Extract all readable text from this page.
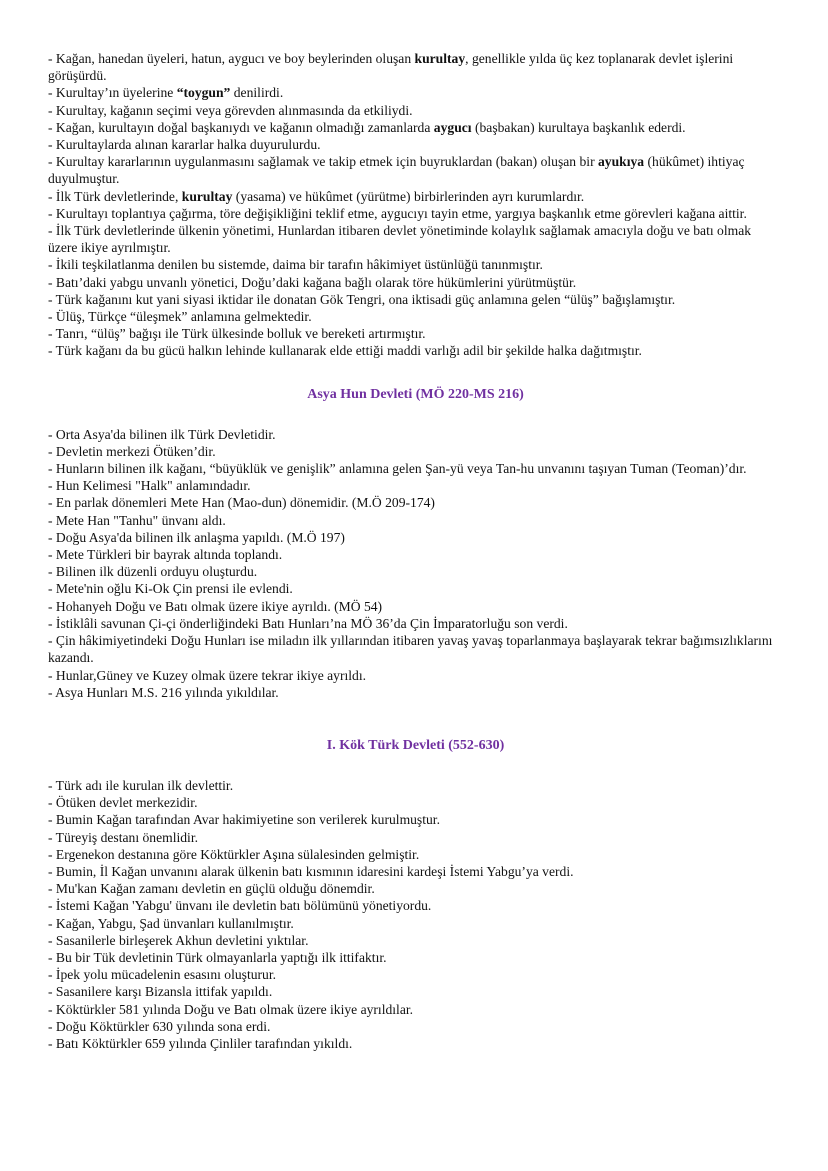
- Kağan, hanedan üyeleri, hatun, aygucı ve boy beylerinden oluşan kurultay, genellikle yılda üç kez toplanarak devlet işlerini görüşürdü.

- Kurultay’ın üyelerine “toygun” denilirdi.

- Kurultay, kağanın seçimi veya görevden alınmasında da etkiliydi.

- Kağan, kurultayın doğal başkanıydı ve kağanın olmadığı zamanlarda aygucı (başbakan) kurultaya başkanlık ederdi.

- Kurultaylarda alınan kararlar halka duyurulurdu.

- Kurultay kararlarının uygulanmasını sağlamak ve takip etmek için buyruklardan (bakan) oluşan bir ayukıya (hükûmet) ihtiyaç duyulmuştur.

- İlk Türk devletlerinde, kurultay (yasama) ve hükûmet (yürütme) birbirlerinden ayrı kurumlardır.

- Kurultayı toplantıya çağırma, töre değişikliğini teklif etme, aygucıyı tayin etme, yargıya başkanlık etme görevleri kağana aittir.

- İlk Türk devletlerinde ülkenin yönetimi, Hunlardan itibaren devlet yönetiminde kolaylık sağlamak amacıyla doğu ve batı olmak üzere ikiye ayrılmıştır.

- İkili teşkilatlanma denilen bu sistemde, daima bir tarafın hâkimiyet üstünlüğü tanınmıştır.

- Batı’daki yabgu unvanlı yönetici, Doğu’daki kağana bağlı olarak töre hükümlerini yürütmüştür.

- Türk kağanını kut yani siyasi iktidar ile donatan Gök Tengri, ona iktisadi güç anlamına gelen “ülüş” bağışlamıştır.

- Ülüş, Türkçe “üleşmek” anlamına gelmektedir.

- Tanrı, “ülüş” bağışı ile Türk ülkesinde bolluk ve bereketi artırmıştır.

- Türk kağanı da bu gücü halkın lehinde kullanarak elde ettiği maddi varlığı adil bir şekilde halka dağıtmıştır.

Asya Hun Devleti (MÖ 220-MS 216)

- Orta Asya'da bilinen ilk Türk Devletidir.

- Devletin merkezi Ötüken’dir.

- Hunların bilinen ilk kağanı, “büyüklük ve genişlik” anlamına gelen Şan-yü veya Tan-hu unvanını taşıyan Tuman (Teoman)’dır.

- Hun Kelimesi "Halk" anlamındadır.

- En parlak dönemleri Mete Han (Mao-dun) dönemidir. (M.Ö 209-174)

- Mete Han "Tanhu" ünvanı aldı.

- Doğu Asya'da bilinen ilk anlaşma yapıldı. (M.Ö 197)

- Mete Türkleri bir bayrak altında toplandı.

- Bilinen ilk düzenli orduyu oluşturdu.

- Mete'nin oğlu Ki-Ok Çin prensi ile evlendi.

- Hohanyeh Doğu ve Batı olmak üzere ikiye ayrıldı. (MÖ 54)

- İstiklâli savunan Çi-çi önderliğindeki Batı Hunları’na MÖ 36’da Çin İmparatorluğu son verdi.

- Çin hâkimiyetindeki Doğu Hunları ise miladın ilk yıllarından itibaren yavaş yavaş toparlanmaya başlayarak tekrar bağımsızlıklarını kazandı.

- Hunlar,Güney ve Kuzey olmak üzere tekrar ikiye ayrıldı.

- Asya Hunları M.S. 216 yılında yıkıldılar.

I. Kök Türk Devleti (552-630)

- Türk adı ile kurulan ilk devlettir.

- Ötüken devlet merkezidir.

- Bumin Kağan tarafından Avar hakimiyetine son verilerek kurulmuştur.

- Türeyiş destanı önemlidir.

- Ergenekon destanına göre Köktürkler Aşına sülalesinden gelmiştir.

- Bumin, İl Kağan unvanını alarak ülkenin batı kısmının idaresini kardeşi İstemi Yabgu’ya verdi.

- Mu'kan Kağan zamanı devletin en güçlü olduğu dönemdir.

- İstemi Kağan 'Yabgu' ünvanı ile devletin batı bölümünü yönetiyordu.

- Kağan, Yabgu, Şad ünvanları kullanılmıştır.

- Sasanilerle birleşerek Akhun devletini yıktılar.

- Bu bir Tük devletinin Türk olmayanlarla yaptığı ilk ittifaktır.

- İpek yolu mücadelenin esasını oluşturur.

- Sasanilere karşı Bizansla ittifak yapıldı.

- Köktürkler 581 yılında Doğu ve Batı olmak üzere ikiye ayrıldılar.

- Doğu Köktürkler 630 yılında sona erdi.

- Batı Köktürkler 659 yılında Çinliler tarafından yıkıldı.
